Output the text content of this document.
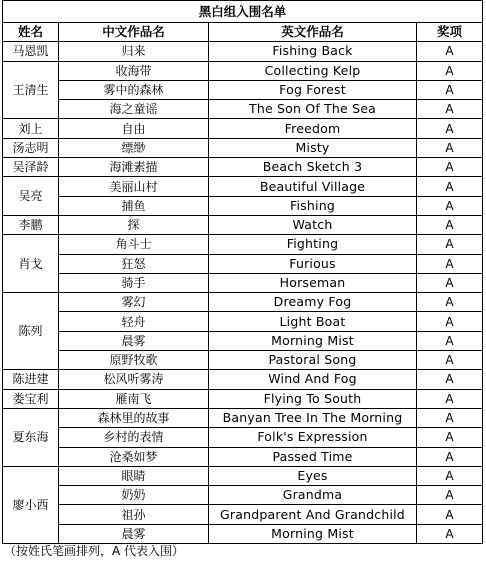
黑白组入围名单			
姓名	中文作品名	英文作品名	奖项
马恩凯	归来	Fishing Back	A
王清生	收海带	Collecting Kelp	A
	雾中的森林	Fog Forest	A
	海之童谣	The Son Of The Sea	A
刘上	自由	Freedom	A
汤志明	缥缈	Misty	A
吴泽龄	海滩素描	Beach Sketch 3	A
吴亮	美丽山村	Beautiful Village	A
	捕鱼	Fishing	A
李鹏	探	Watch	A
肖戈	角斗士	Fighting	A
	狂怒	Furious	A
	骑手	Horseman	A
陈列	雾幻	Dreamy Fog	A
	轻舟	Light Boat	A
	晨雾	Morning Mist	A
	原野牧歌	Pastoral Song	A
陈进建	松风听雾涛	Wind And Fog	A
娄宝利	雁南飞	Flying To South	A
夏东海	森林里的故事	Banyan Tree In The Morning	A
	乡村的表情	Folk's Expression	A
	沧桑如梦	Passed Time	A
廖小西	眼睛	Eyes	A
	奶奶	Grandma	A
	祖孙	Grandparent And Grandchild	A
	晨雾	Morning Mist	A
（按姓氏笔画排列，A 代表入围）
